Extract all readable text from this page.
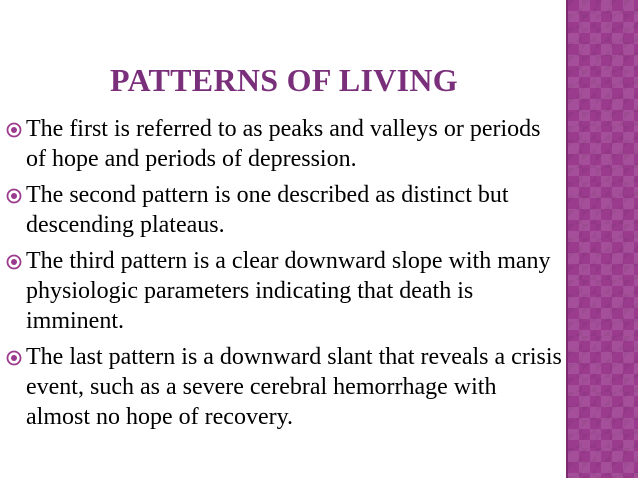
PATTERNS OF LIVING
The first is referred to as peaks and valleys or periods of hope and periods of depression.
The second pattern is one described as distinct but descending plateaus.
The third pattern is a clear downward slope with many physiologic parameters indicating that death is imminent.
The last pattern is a downward slant that reveals a crisis event, such as a severe cerebral hemorrhage with almost no hope of recovery.
